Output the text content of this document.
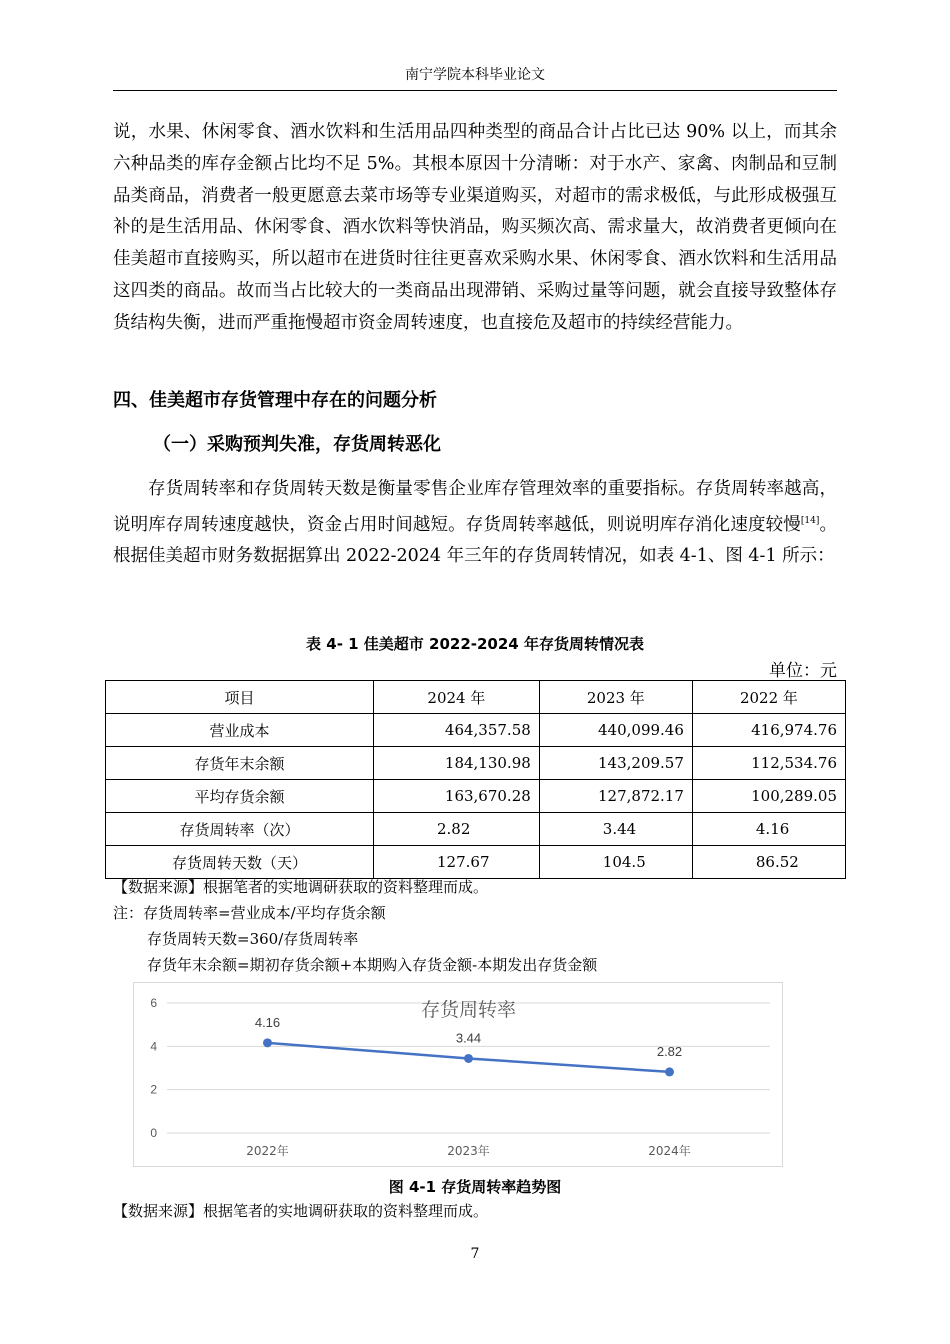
南宁学院本科毕业论文

说，水果、休闲零食、酒水饮料和生活用品四种类型的商品合计占比已达 90% 以上，而其余六种品类的库存金额占比均不足 5%。其根本原因十分清晰：对于水产、家禽、肉制品和豆制品类商品，消费者一般更愿意去菜市场等专业渠道购买，对超市的需求极低，与此形成极强互补的是生活用品、休闲零食、酒水饮料等快消品，购买频次高、需求量大，故消费者更倾向在佳美超市直接购买，所以超市在进货时往往更喜欢采购水果、休闲零食、酒水饮料和生活用品这四类的商品。故而当占比较大的一类商品出现滞销、采购过量等问题，就会直接导致整体存货结构失衡，进而严重拖慢超市资金周转速度，也直接危及超市的持续经营能力。

四、佳美超市存货管理中存在的问题分析
（一）采购预判失准，存货周转恶化

存货周转率和存货周转天数是衡量零售企业库存管理效率的重要指标。存货周转率越高，说明库存周转速度越快，资金占用时间越短。存货周转率越低，则说明库存消化速度较慢[14]。根据佳美超市财务数据据算出 2022-2024 年三年的存货周转情况，如表 4-1、图 4-1 所示：

表 4- 1 佳美超市 2022-2024 年存货周转情况表
单位：元
项目	2024 年	2023 年	2022 年
营业成本	464,357.58	440,099.46	416,974.76
存货年末余额	184,130.98	143,209.57	112,534.76
平均存货余额	163,670.28	127,872.17	100,289.05
存货周转率（次）	2.82	3.44	4.16
存货周转天数（天）	127.67	104.5	86.52
【数据来源】根据笔者的实地调研获取的资料整理而成。
注：存货周转率=营业成本/平均存货余额
存货周转天数=360/存货周转率
存货年末余额=期初存货余额+本期购入存货金额-本期发出存货金额
0
2
4
6	存货周转率
4.16
3.44
2.82
2022年	2023年	2024年
图 4-1 存货周转率趋势图
【数据来源】根据笔者的实地调研获取的资料整理而成。
7
